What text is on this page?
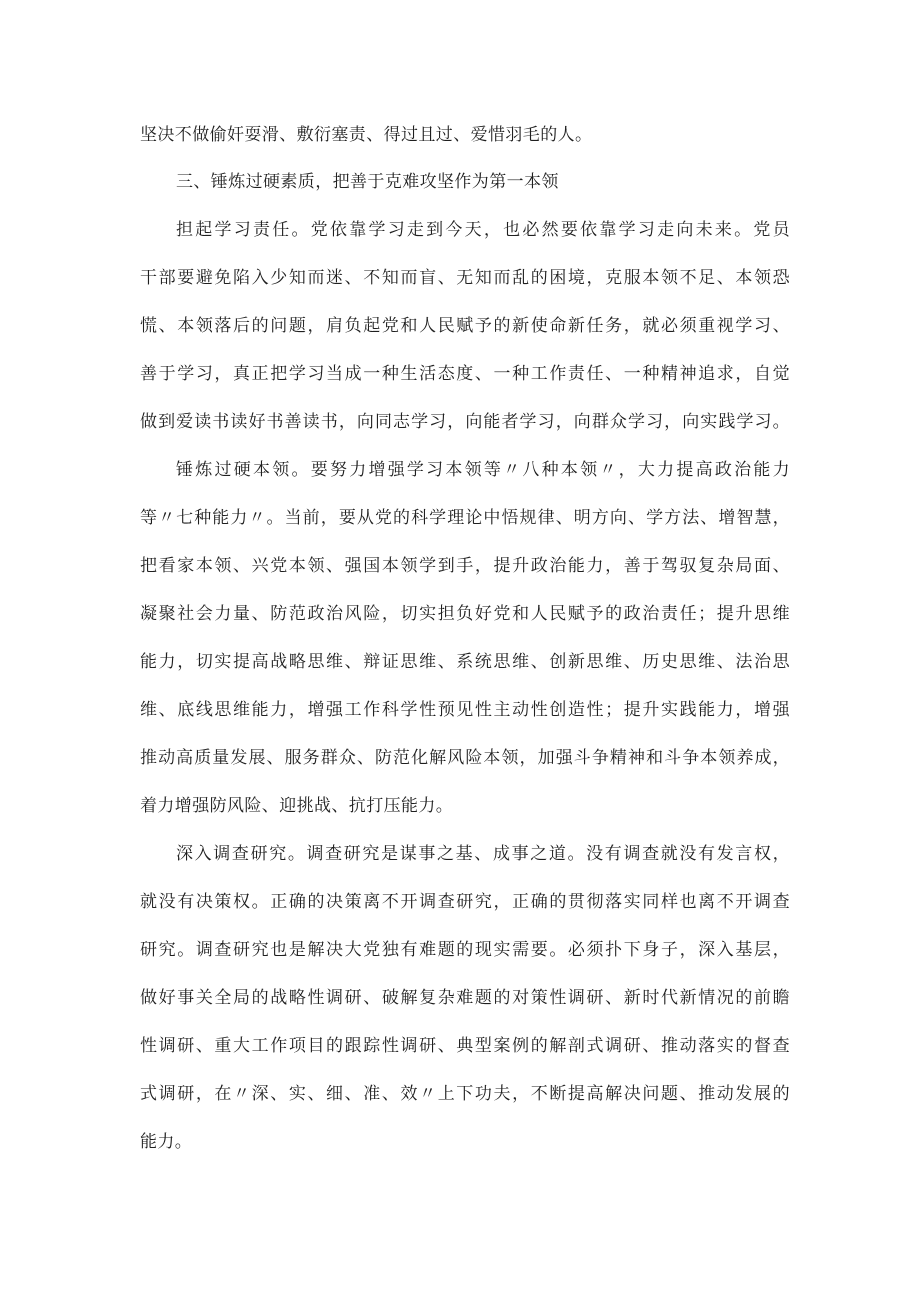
坚决不做偷奸耍滑、敷衍塞责、得过且过、爱惜羽毛的人。
三、锤炼过硬素质，把善于克难攻坚作为第一本领
担起学习责任。党依靠学习走到今天，也必然要依靠学习走向未来。党员
干部要避免陷入少知而迷、不知而盲、无知而乱的困境，克服本领不足、本领恐
慌、本领落后的问题，肩负起党和人民赋予的新使命新任务，就必须重视学习、
善于学习，真正把学习当成一种生活态度、一种工作责任、一种精神追求，自觉
做到爱读书读好书善读书，向同志学习，向能者学习，向群众学习，向实践学习。
锤炼过硬本领。要努力增强学习本领等〃八种本领〃，大力提高政治能力
等〃七种能力〃。当前，要从党的科学理论中悟规律、明方向、学方法、增智慧，
把看家本领、兴党本领、强国本领学到手，提升政治能力，善于驾驭复杂局面、
凝聚社会力量、防范政治风险，切实担负好党和人民赋予的政治责任；提升思维
能力，切实提高战略思维、辩证思维、系统思维、创新思维、历史思维、法治思
维、底线思维能力，增强工作科学性预见性主动性创造性；提升实践能力，增强
推动高质量发展、服务群众、防范化解风险本领，加强斗争精神和斗争本领养成，
着力增强防风险、迎挑战、抗打压能力。
深入调查研究。调查研究是谋事之基、成事之道。没有调查就没有发言权，
就没有决策权。正确的决策离不开调查研究，正确的贯彻落实同样也离不开调查
研究。调查研究也是解决大党独有难题的现实需要。必须扑下身子，深入基层，
做好事关全局的战略性调研、破解复杂难题的对策性调研、新时代新情况的前瞻
性调研、重大工作项目的跟踪性调研、典型案例的解剖式调研、推动落实的督查
式调研，在〃深、实、细、准、效〃上下功夫，不断提高解决问题、推动发展的
能力。
